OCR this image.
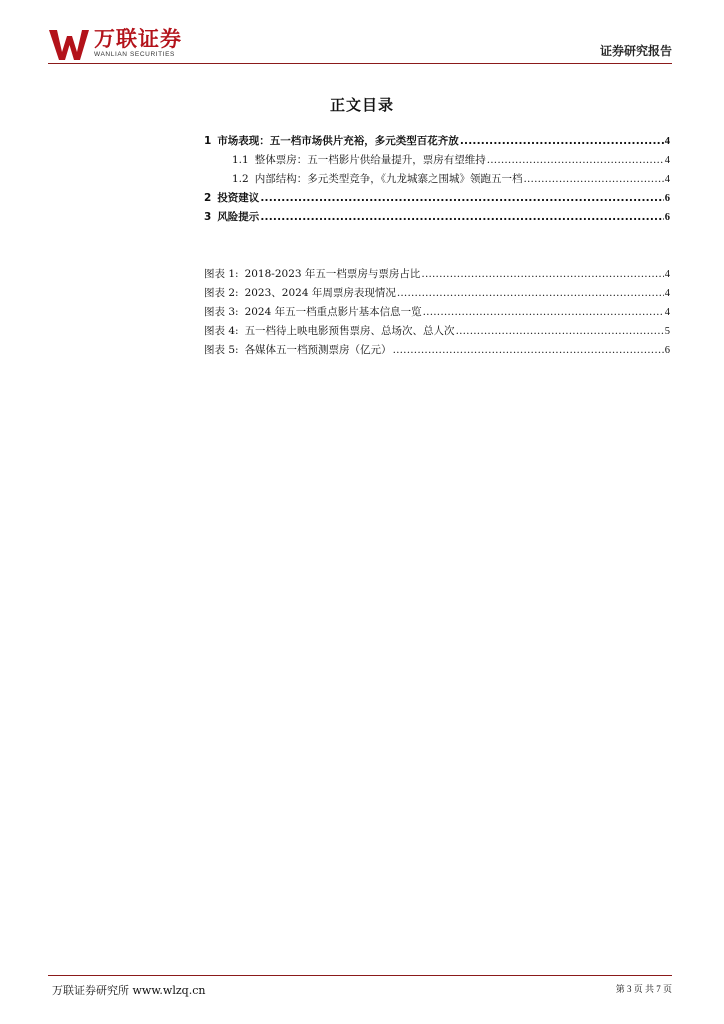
万联证券
WANLIAN SECURITIES	证券研究报告
正文目录
1 市场表现：五一档市场供片充裕，多元类型百花齐放 .....	4
1.1 整体票房：五一档影片供给量提升，票房有望维持 .....	4
1.2 内部结构：多元类型竞争，《九龙城寨之围城》领跑五一档 .....	4
2 投资建议 .....	6
3 风险提示 .....	6
图表 1: 2018-2023 年五一档票房与票房占比 .....	4
图表 2: 2023、2024 年周票房表现情况 .....	4
图表 3: 2024 年五一档重点影片基本信息一览 .....	4
图表 4: 五一档待上映电影预售票房、总场次、总人次 .....	5
图表 5: 各媒体五一档预测票房（亿元） .....	6
万联证券研究所 www.wlzq.cn	第 3 页 共 7 页
